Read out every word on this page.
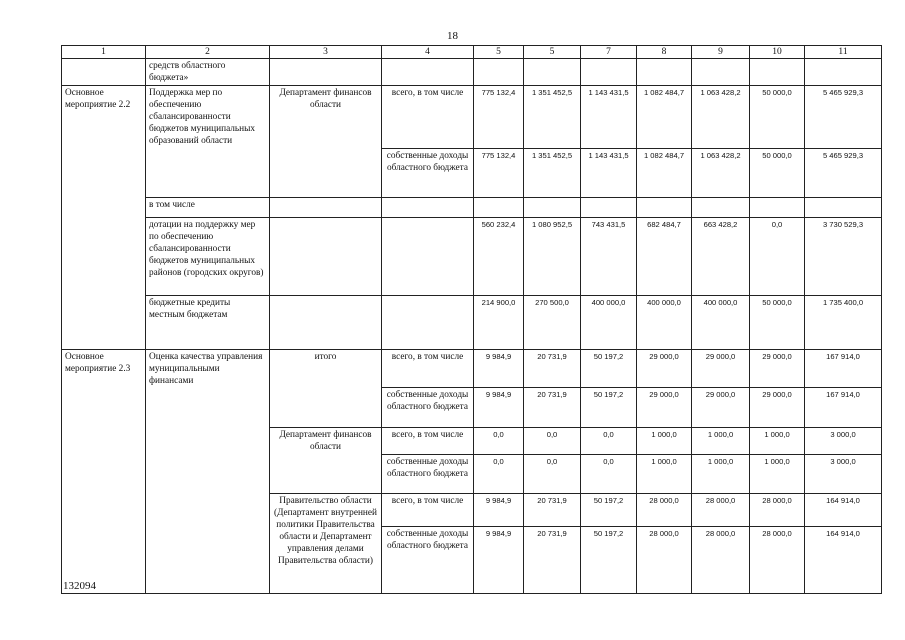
18
1	2	3	4	5	5	7	8	9	10	11
	средств областного бюджета»									
Основное мероприятие 2.2	Поддержка мер по обеспечению сбалансированности бюджетов муниципальных образований области	Департамент финансов области	всего, в том числе	775 132,4	1 351 452,5	1 143 431,5	1 082 484,7	1 063 428,2	50 000,0	5 465 929,3
			собственные доходы областного бюджета	775 132,4	1 351 452,5	1 143 431,5	1 082 484,7	1 063 428,2	50 000,0	5 465 929,3
	в том числе									
	дотации на поддержку мер по обеспечению сбалансированности бюджетов муниципальных районов (городских округов)			560 232,4	1 080 952,5	743 431,5	682 484,7	663 428,2	0,0	3 730 529,3
	бюджетные кредиты местным бюджетам			214 900,0	270 500,0	400 000,0	400 000,0	400 000,0	50 000,0	1 735 400,0
Основное мероприятие 2.3	Оценка качества управления муниципальными финансами	итого	всего, в том числе	9 984,9	20 731,9	50 197,2	29 000,0	29 000,0	29 000,0	167 914,0
			собственные доходы областного бюджета	9 984,9	20 731,9	50 197,2	29 000,0	29 000,0	29 000,0	167 914,0
		Департамент финансов области	всего, в том числе	0,0	0,0	0,0	1 000,0	1 000,0	1 000,0	3 000,0
			собственные доходы областного бюджета	0,0	0,0	0,0	1 000,0	1 000,0	1 000,0	3 000,0
		Правительство области (Департамент внутренней политики Правительства области и Департамент управления делами Правительства области)	всего, в том числе	9 984,9	20 731,9	50 197,2	28 000,0	28 000,0	28 000,0	164 914,0
			собственные доходы областного бюджета	9 984,9	20 731,9	50 197,2	28 000,0	28 000,0	28 000,0	164 914,0
132094
